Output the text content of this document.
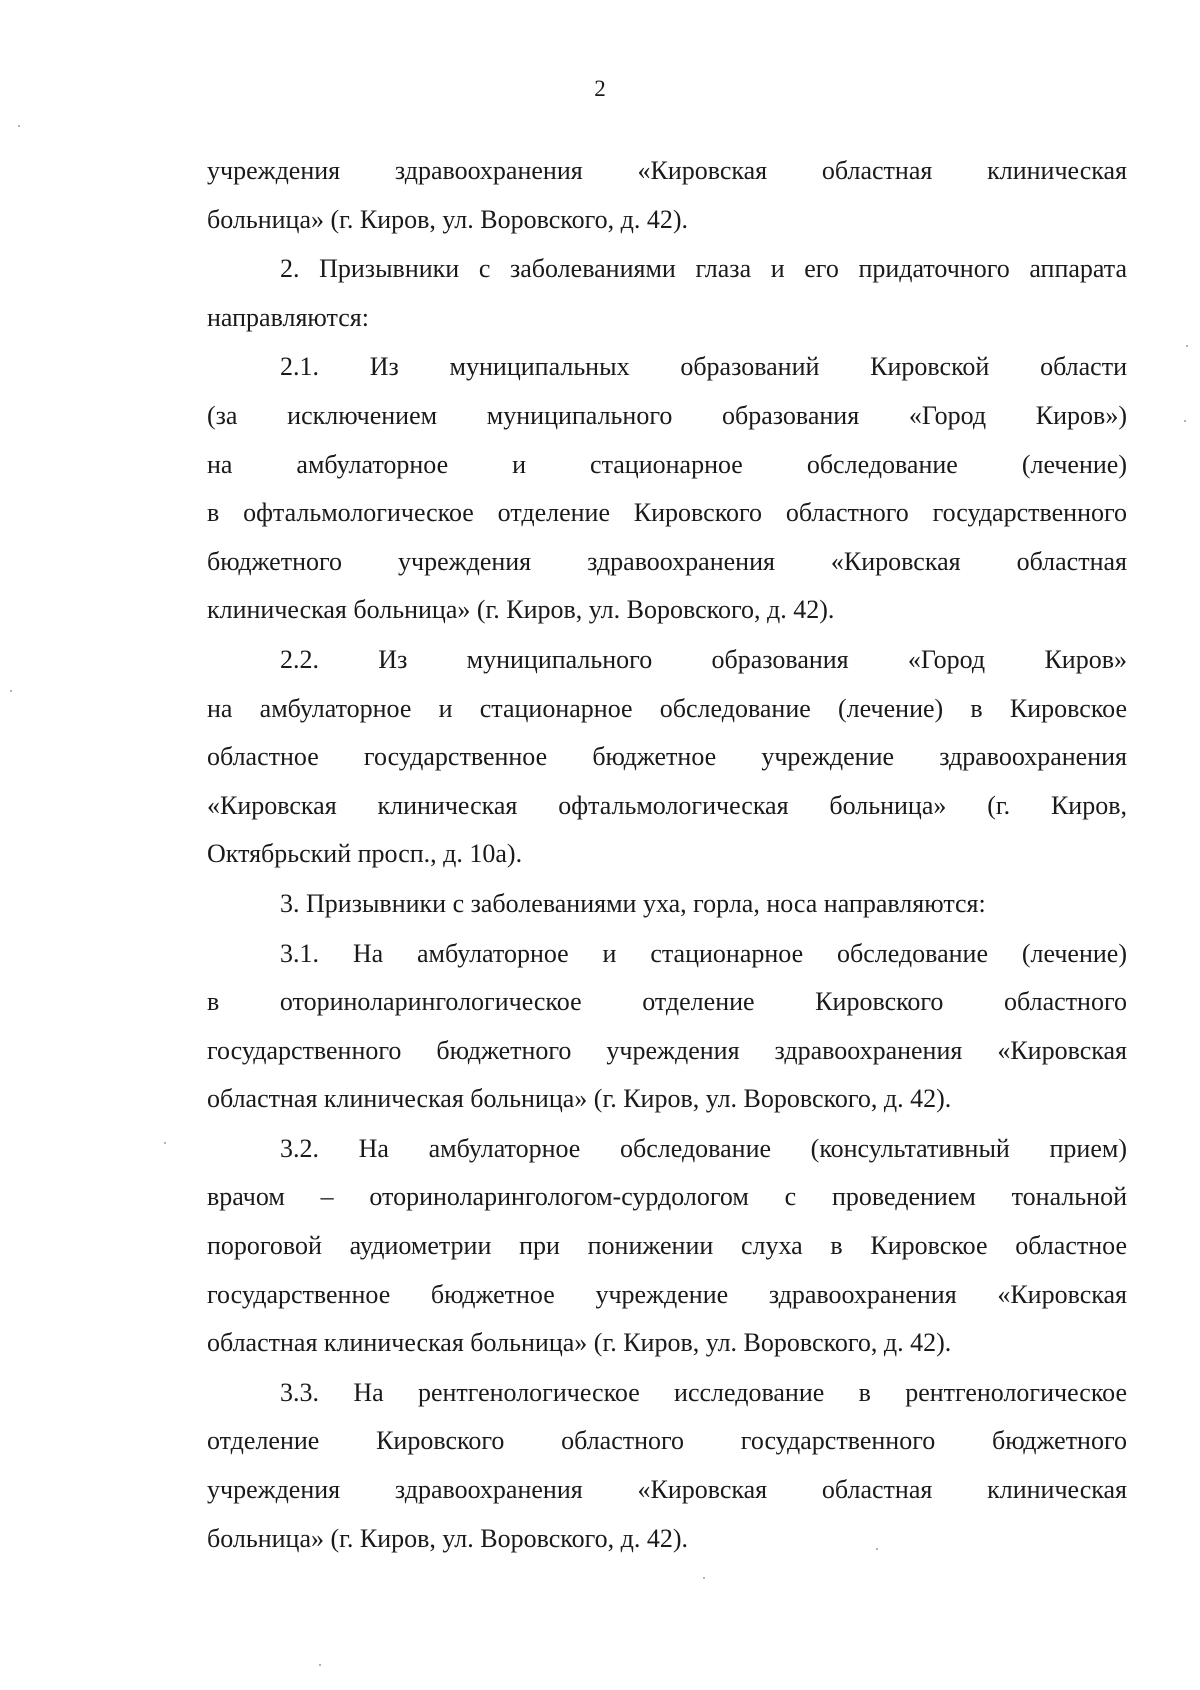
2
учреждения здравоохранения «Кировская областная клиническая
больница» (г. Киров, ул. Воровского, д. 42).
2. Призывники с заболеваниями глаза и его придаточного аппарата
направляются:
2.1. Из муниципальных образований Кировской области
(за исключением муниципального образования «Город Киров»)
на амбулаторное и стационарное обследование (лечение)
в офтальмологическое отделение Кировского областного государственного
бюджетного учреждения здравоохранения «Кировская областная
клиническая больница» (г. Киров, ул. Воровского, д. 42).
2.2. Из муниципального образования «Город Киров»
на амбулаторное и стационарное обследование (лечение) в Кировское
областное государственное бюджетное учреждение здравоохранения
«Кировская клиническая офтальмологическая больница» (г. Киров,
Октябрьский просп., д. 10а).
3. Призывники с заболеваниями уха, горла, носа направляются:
3.1. На амбулаторное и стационарное обследование (лечение)
в оториноларингологическое отделение Кировского областного
государственного бюджетного учреждения здравоохранения «Кировская
областная клиническая больница» (г. Киров, ул. Воровского, д. 42).
3.2. На амбулаторное обследование (консультативный прием)
врачом – оториноларингологом-сурдологом с проведением тональной
пороговой аудиометрии при понижении слуха в Кировское областное
государственное бюджетное учреждение здравоохранения «Кировская
областная клиническая больница» (г. Киров, ул. Воровского, д. 42).
3.3. На рентгенологическое исследование в рентгенологическое
отделение Кировского областного государственного бюджетного
учреждения здравоохранения «Кировская областная клиническая
больница» (г. Киров, ул. Воровского, д. 42).
